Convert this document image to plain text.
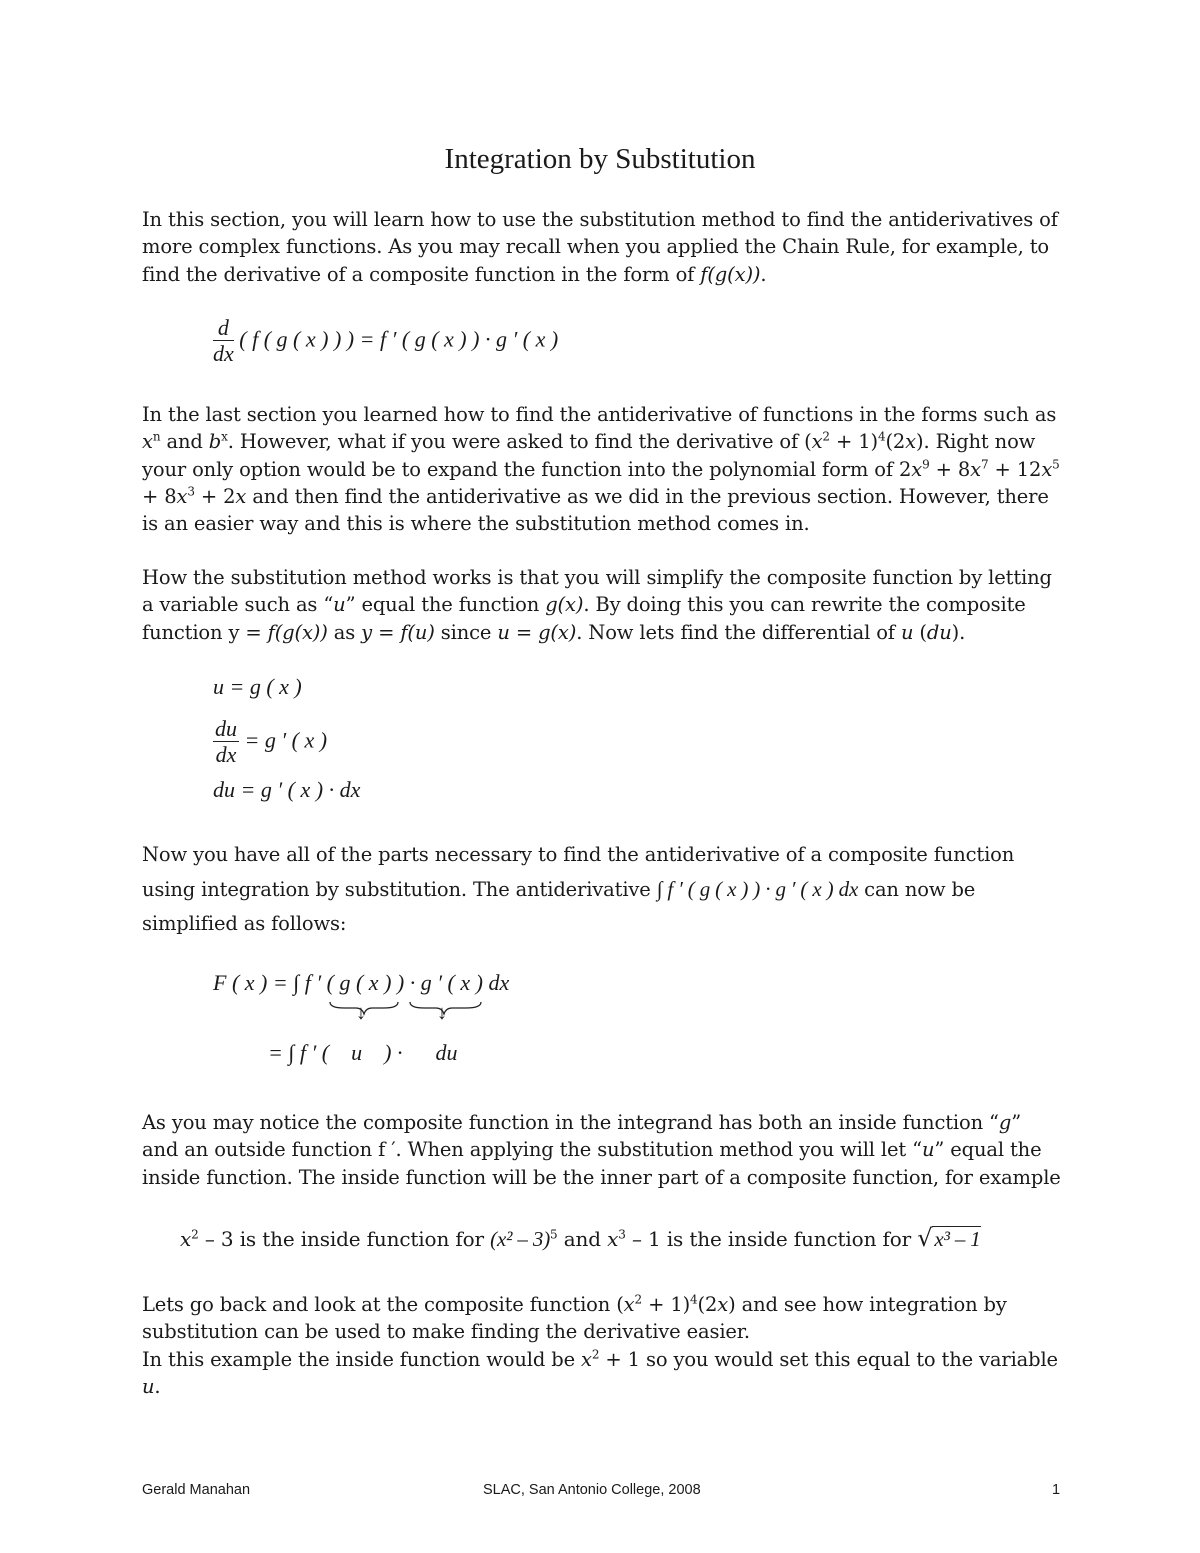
Integration by Substitution

In this section, you will learn how to use the substitution method to find the antiderivatives of more complex functions. As you may recall when you applied the Chain Rule, for example, to find the derivative of a composite function in the form of f(g(x)).

$\frac{d}{dx}$ ( f ( g ( x ) ) ) = f ′ ( g ( x ) ) · g ′ ( x )

In the last section you learned how to find the antiderivative of functions in the forms such as $x^n$ and $b^x$. However, what if you were asked to find the derivative of $(x^2 + 1)^4(2x)$. Right now your only option would be to expand the function into the polynomial form of $2x^9 + 8x^7 + 12x^5 + 8x^3 + 2x$ and then find the antiderivative as we did in the previous section. However, there is an easier way and this is where the substitution method comes in.

How the substitution method works is that you will simplify the composite function by letting a variable such as “u” equal the function g(x). By doing this you can rewrite the composite function y = f(g(x)) as y = f(u) since u = g(x). Now lets find the differential of u (du).

u = g ( x )
$\frac{du}{dx} = g$ ′ ( x )
du = g ′ ( x ) · dx

Now you have all of the parts necessary to find the antiderivative of a composite function using integration by substitution. The antiderivative ∫ f ′ ( g ( x ) ) · g ′ ( x ) dx can now be simplified as follows:

F ( x ) = ∫ f ′ ( g ( x ) ) · g ′ ( x ) dx
↓	↓
= ∫ f ′ (    u    ) ·      du

As you may notice the composite function in the integrand has both an inside function “g” and an outside function f ′. When applying the substitution method you will let “u” equal the inside function. The inside function will be the inner part of a composite function, for example

$x^2 - 3$ is the inside function for (x² – 3)$^5$ and $x^3 - 1$ is the inside function for √x³ – 1

Lets go back and look at the composite function $(x^2 + 1)^4(2x)$ and see how integration by substitution can be used to make finding the derivative easier.
In this example the inside function would be $x^2 + 1$ so you would set this equal to the variable u.

Gerald Manahan	SLAC, San Antonio College, 2008	1
